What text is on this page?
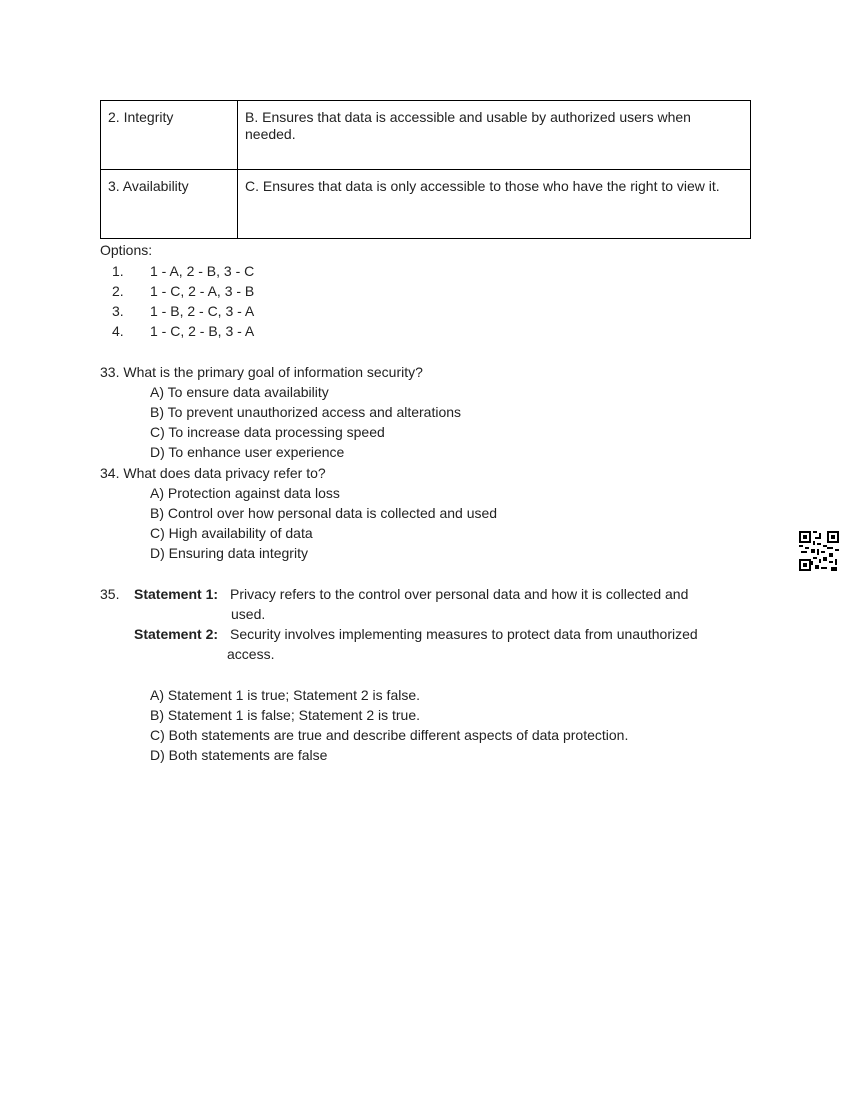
2. Integrity	B. Ensures that data is accessible and usable by authorized users when needed.
3. Availability	C. Ensures that data is only accessible to those who have the right to view it.
Options:
1.	1 - A, 2 - B, 3 - C
2.	1 - C, 2 - A, 3 - B
3.	1 - B, 2 - C, 3 - A
4.	1 - C, 2 - B, 3 - A
33. What is the primary goal of information security?
A) To ensure data availability
B) To prevent unauthorized access and alterations
C) To increase data processing speed
D) To enhance user experience
34. What does data privacy refer to?
A) Protection against data loss
B) Control over how personal data is collected and used
C) High availability of data
D) Ensuring data integrity
35. Statement 1: Privacy refers to the control over personal data and how it is collected and
used.
Statement 2: Security involves implementing measures to protect data from unauthorized
access.
A) Statement 1 is true; Statement 2 is false.
B) Statement 1 is false; Statement 2 is true.
C) Both statements are true and describe different aspects of data protection.
D) Both statements are false
